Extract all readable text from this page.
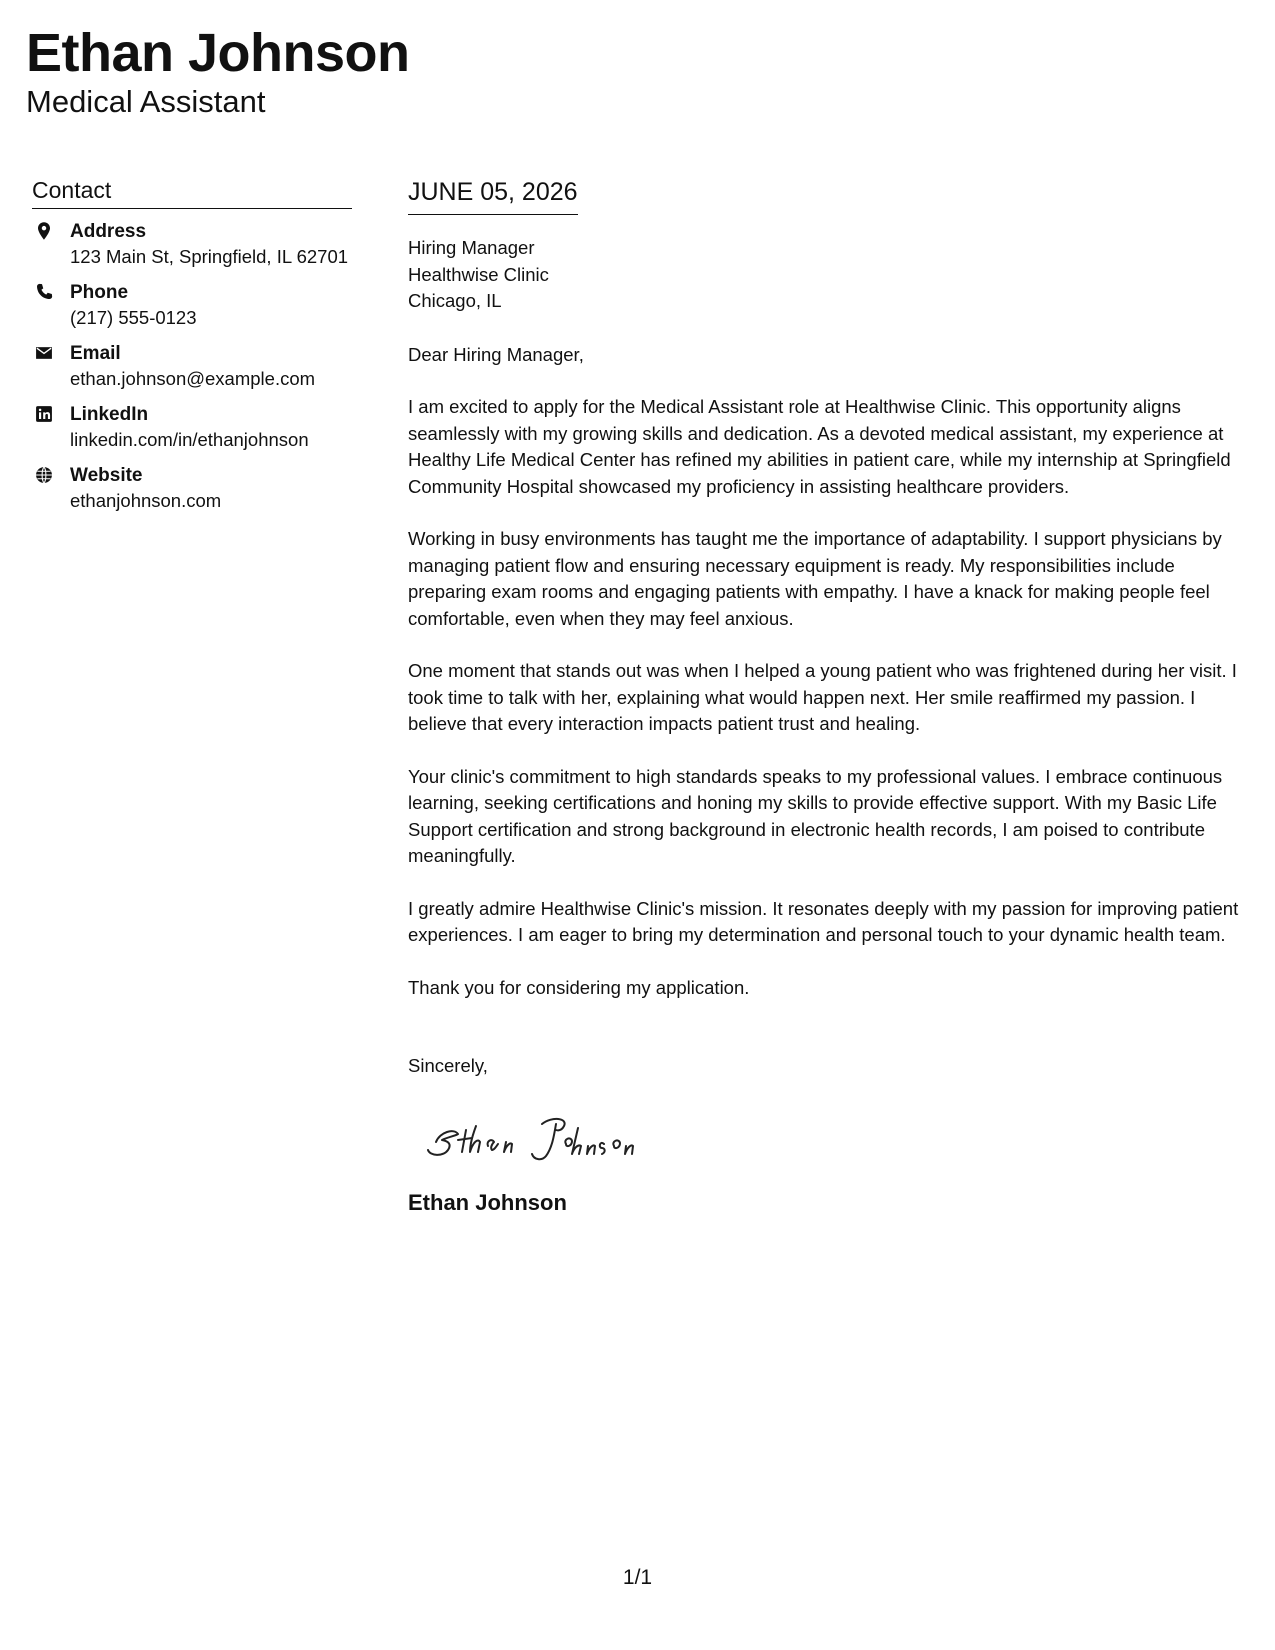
Ethan Johnson
Medical Assistant
Contact
Address
123 Main St, Springfield, IL 62701
Phone
(217) 555-0123
Email
ethan.johnson@example.com
LinkedIn
linkedin.com/in/ethanjohnson
Website
ethanjohnson.com
JUNE 05, 2026
Hiring Manager
Healthwise Clinic
Chicago, IL
Dear Hiring Manager,
I am excited to apply for the Medical Assistant role at Healthwise Clinic. This opportunity aligns seamlessly with my growing skills and dedication. As a devoted medical assistant, my experience at Healthy Life Medical Center has refined my abilities in patient care, while my internship at Springfield Community Hospital showcased my proficiency in assisting healthcare providers.
Working in busy environments has taught me the importance of adaptability. I support physicians by managing patient flow and ensuring necessary equipment is ready. My responsibilities include preparing exam rooms and engaging patients with empathy. I have a knack for making people feel comfortable, even when they may feel anxious.
One moment that stands out was when I helped a young patient who was frightened during her visit. I took time to talk with her, explaining what would happen next. Her smile reaffirmed my passion. I believe that every interaction impacts patient trust and healing.
Your clinic's commitment to high standards speaks to my professional values. I embrace continuous learning, seeking certifications and honing my skills to provide effective support. With my Basic Life Support certification and strong background in electronic health records, I am poised to contribute meaningfully.
I greatly admire Healthwise Clinic's mission. It resonates deeply with my passion for improving patient experiences. I am eager to bring my determination and personal touch to your dynamic health team.
Thank you for considering my application.
Sincerely,
Ethan Johnson
1/1
